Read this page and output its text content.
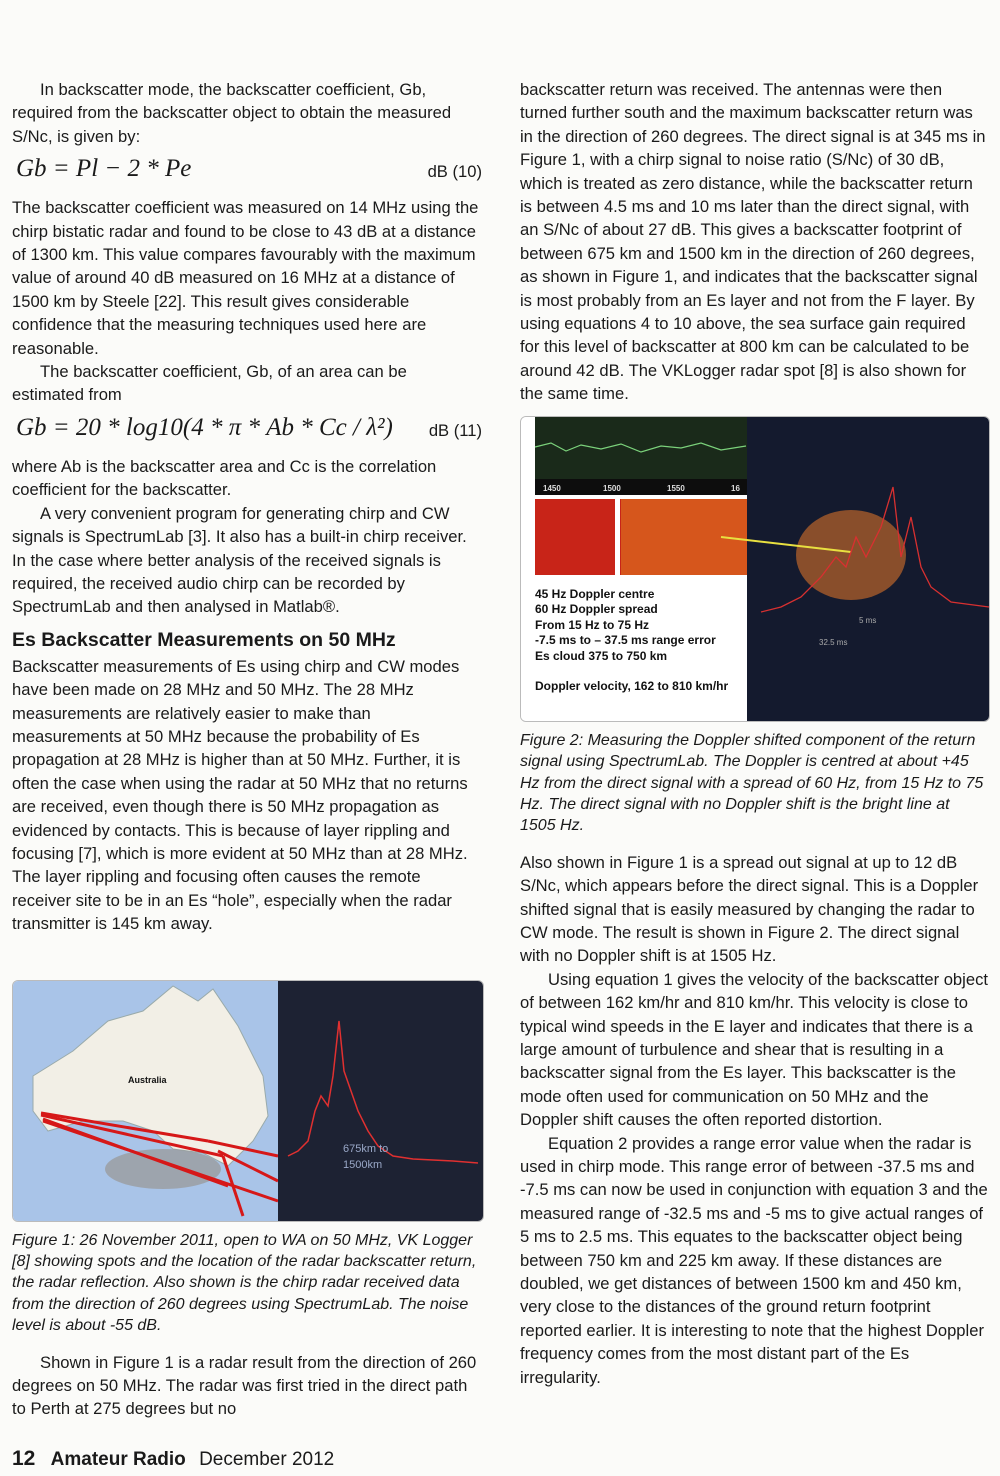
In backscatter mode, the backscatter coefficient, Gb, required from the backscatter object to obtain the measured S/Nc, is given by:

Gb = Pl − 2 * Pe	dB (10)

The backscatter coefficient was measured on 14 MHz using the chirp bistatic radar and found to be close to 43 dB at a distance of 1300 km. This value compares favourably with the maximum value of around 40 dB measured on 16 MHz at a distance of 1500 km by Steele [22]. This result gives considerable confidence that the measuring techniques used here are reasonable.

The backscatter coefficient, Gb, of an area can be estimated from

Gb = 20 * log10(4 * π * Ab * Cc / λ²) dB (11)

where Ab is the backscatter area and Cc is the correlation coefficient for the backscatter.

A very convenient program for generating chirp and CW signals is SpectrumLab [3]. It also has a built-in chirp receiver. In the case where better analysis of the received signals is required, the received audio chirp can be recorded by SpectrumLab and then analysed in Matlab®.

Es Backscatter Measurements on 50 MHz

Backscatter measurements of Es using chirp and CW modes have been made on 28 MHz and 50 MHz. The 28 MHz measurements are relatively easier to make than measurements at 50 MHz because the probability of Es propagation at 28 MHz is higher than at 50 MHz. Further, it is often the case when using the radar at 50 MHz that no returns are received, even though there is 50 MHz propagation as evidenced by contacts. This is because of layer rippling and focusing [7], which is more evident at 50 MHz than at 28 MHz. The layer rippling and focusing often causes the remote receiver site to be in an Es “hole”, especially when the radar transmitter is 145 km away.

Australia
675km to 1500km

Figure 1: 26 November 2011, open to WA on 50 MHz, VK Logger [8] showing spots and the location of the radar backscatter return, the radar reflection. Also shown is the chirp radar received data from the direction of 260 degrees using SpectrumLab. The noise level is about -55 dB.

Shown in Figure 1 is a radar result from the direction of 260 degrees on 50 MHz. The radar was first tried in the direct path to Perth at 275 degrees but no

backscatter return was received. The antennas were then turned further south and the maximum backscatter return was in the direction of 260 degrees. The direct signal is at 345 ms in Figure 1, with a chirp signal to noise ratio (S/Nc) of 30 dB, which is treated as zero distance, while the backscatter return is between 4.5 ms and 10 ms later than the direct signal, with an S/Nc of about 27 dB. This gives a backscatter footprint of between 675 km and 1500 km in the direction of 260 degrees, as shown in Figure 1, and indicates that the backscatter signal is most probably from an Es layer and not from the F layer. By using equations 4 to 10 above, the sea surface gain required for this level of backscatter at 800 km can be calculated to be around 42 dB. The VKLogger radar spot [8] is also shown for the same time.

1450	1500	1550	16
45 Hz Doppler centre
60 Hz Doppler spread
From 15 Hz to 75 Hz
-7.5 ms to – 37.5 ms range error
Es cloud 375 to 750 km
Doppler velocity, 162 to 810 km/hr
5 ms
32.5 ms

Figure 2: Measuring the Doppler shifted component of the return signal using SpectrumLab. The Doppler is centred at about +45 Hz from the direct signal with a spread of 60 Hz, from 15 Hz to 75 Hz. The direct signal with no Doppler shift is the bright line at 1505 Hz.

Also shown in Figure 1 is a spread out signal at up to 12 dB S/Nc, which appears before the direct signal. This is a Doppler shifted signal that is easily measured by changing the radar to CW mode. The result is shown in Figure 2. The direct signal with no Doppler shift is at 1505 Hz.

Using equation 1 gives the velocity of the backscatter object of between 162 km/hr and 810 km/hr. This velocity is close to typical wind speeds in the E layer and indicates that there is a large amount of turbulence and shear that is resulting in a backscatter signal from the Es layer. This backscatter is the mode often used for communication on 50 MHz and the Doppler shift causes the often reported distortion.

Equation 2 provides a range error value when the radar is used in chirp mode. This range error of between -37.5 ms and -7.5 ms can now be used in conjunction with equation 3 and the measured range of -32.5 ms and -5 ms to give actual ranges of 5 ms to 2.5 ms. This equates to the backscatter object being between 750 km and 225 km away. If these distances are doubled, we get distances of between 1500 km and 450 km, very close to the distances of the ground return footprint reported earlier. It is interesting to note that the highest Doppler frequency comes from the most distant part of the Es irregularity.

12 Amateur Radio December 2012
